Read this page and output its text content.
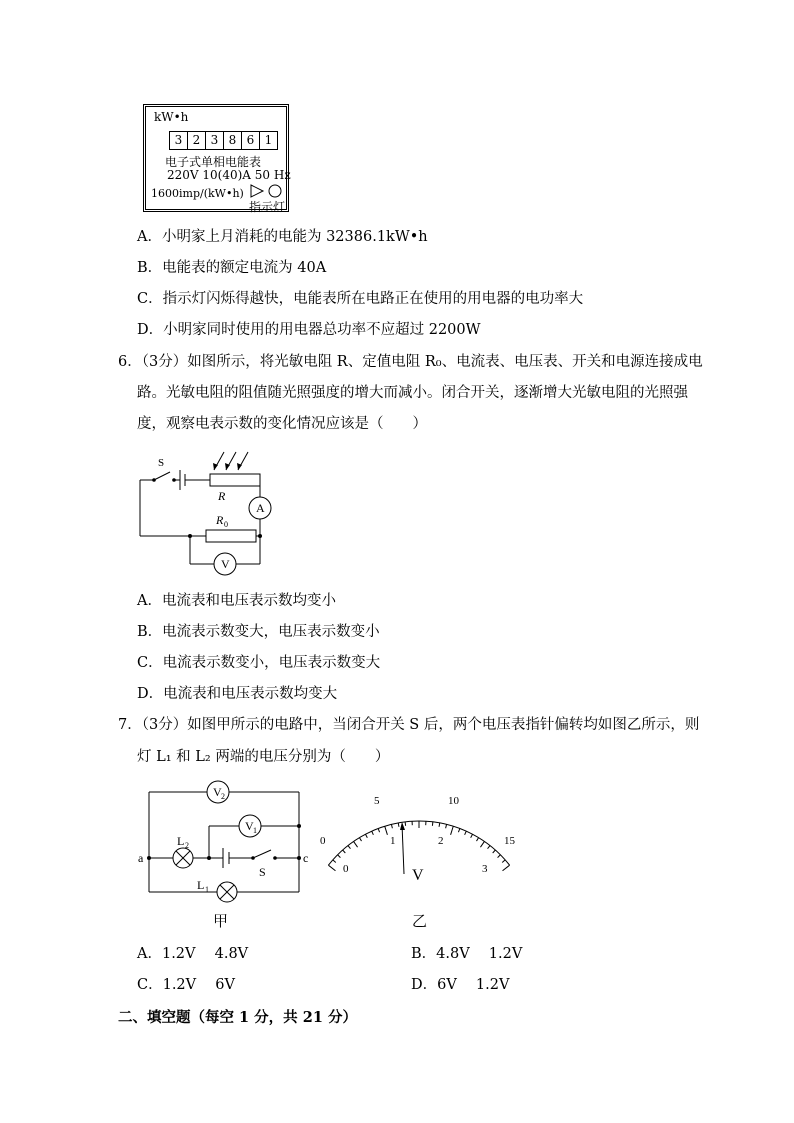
kW•h
3 2 3 8 6 1
电子式单相电能表
220V 10(40)A 50 Hz
1600imp/(kW•h)
指示灯
A．小明家上月消耗的电能为 32386.1kW•h
B．电能表的额定电流为 40A
C．指示灯闪烁得越快，电能表所在电路正在使用的用电器的电功率大
D．小明家同时使用的用电器总功率不应超过 2200W
6．（3分）如图所示，将光敏电阻 R、定值电阻 R₀、电流表、电压表、开关和电源连接成电
路。光敏电阻的阻值随光照强度的增大而减小。闭合开关，逐渐增大光敏电阻的光照强
度，观察电表示数的变化情况应该是（　　）
S
R
A
R 0
V
A．电流表和电压表示数均变小
B．电流表示数变大，电压表示数变小
C．电流表示数变小，电压表示数变大
D．电流表和电压表示数均变大
7．（3分）如图甲所示的电路中，当闭合开关 S 后，两个电压表指针偏转均如图乙所示，则
灯 L₁ 和 L₂ 两端的电压分别为（　　）
V 2
V 1
L 2
L 1
a	c
S
甲
0
5	10
15
0
1	2
3
V
乙
A．1.2V　 4.8V	B．4.8V　 1.2V
C．1.2V　 6V	D．6V　 1.2V
二、填空题（每空 1 分，共 21 分）
